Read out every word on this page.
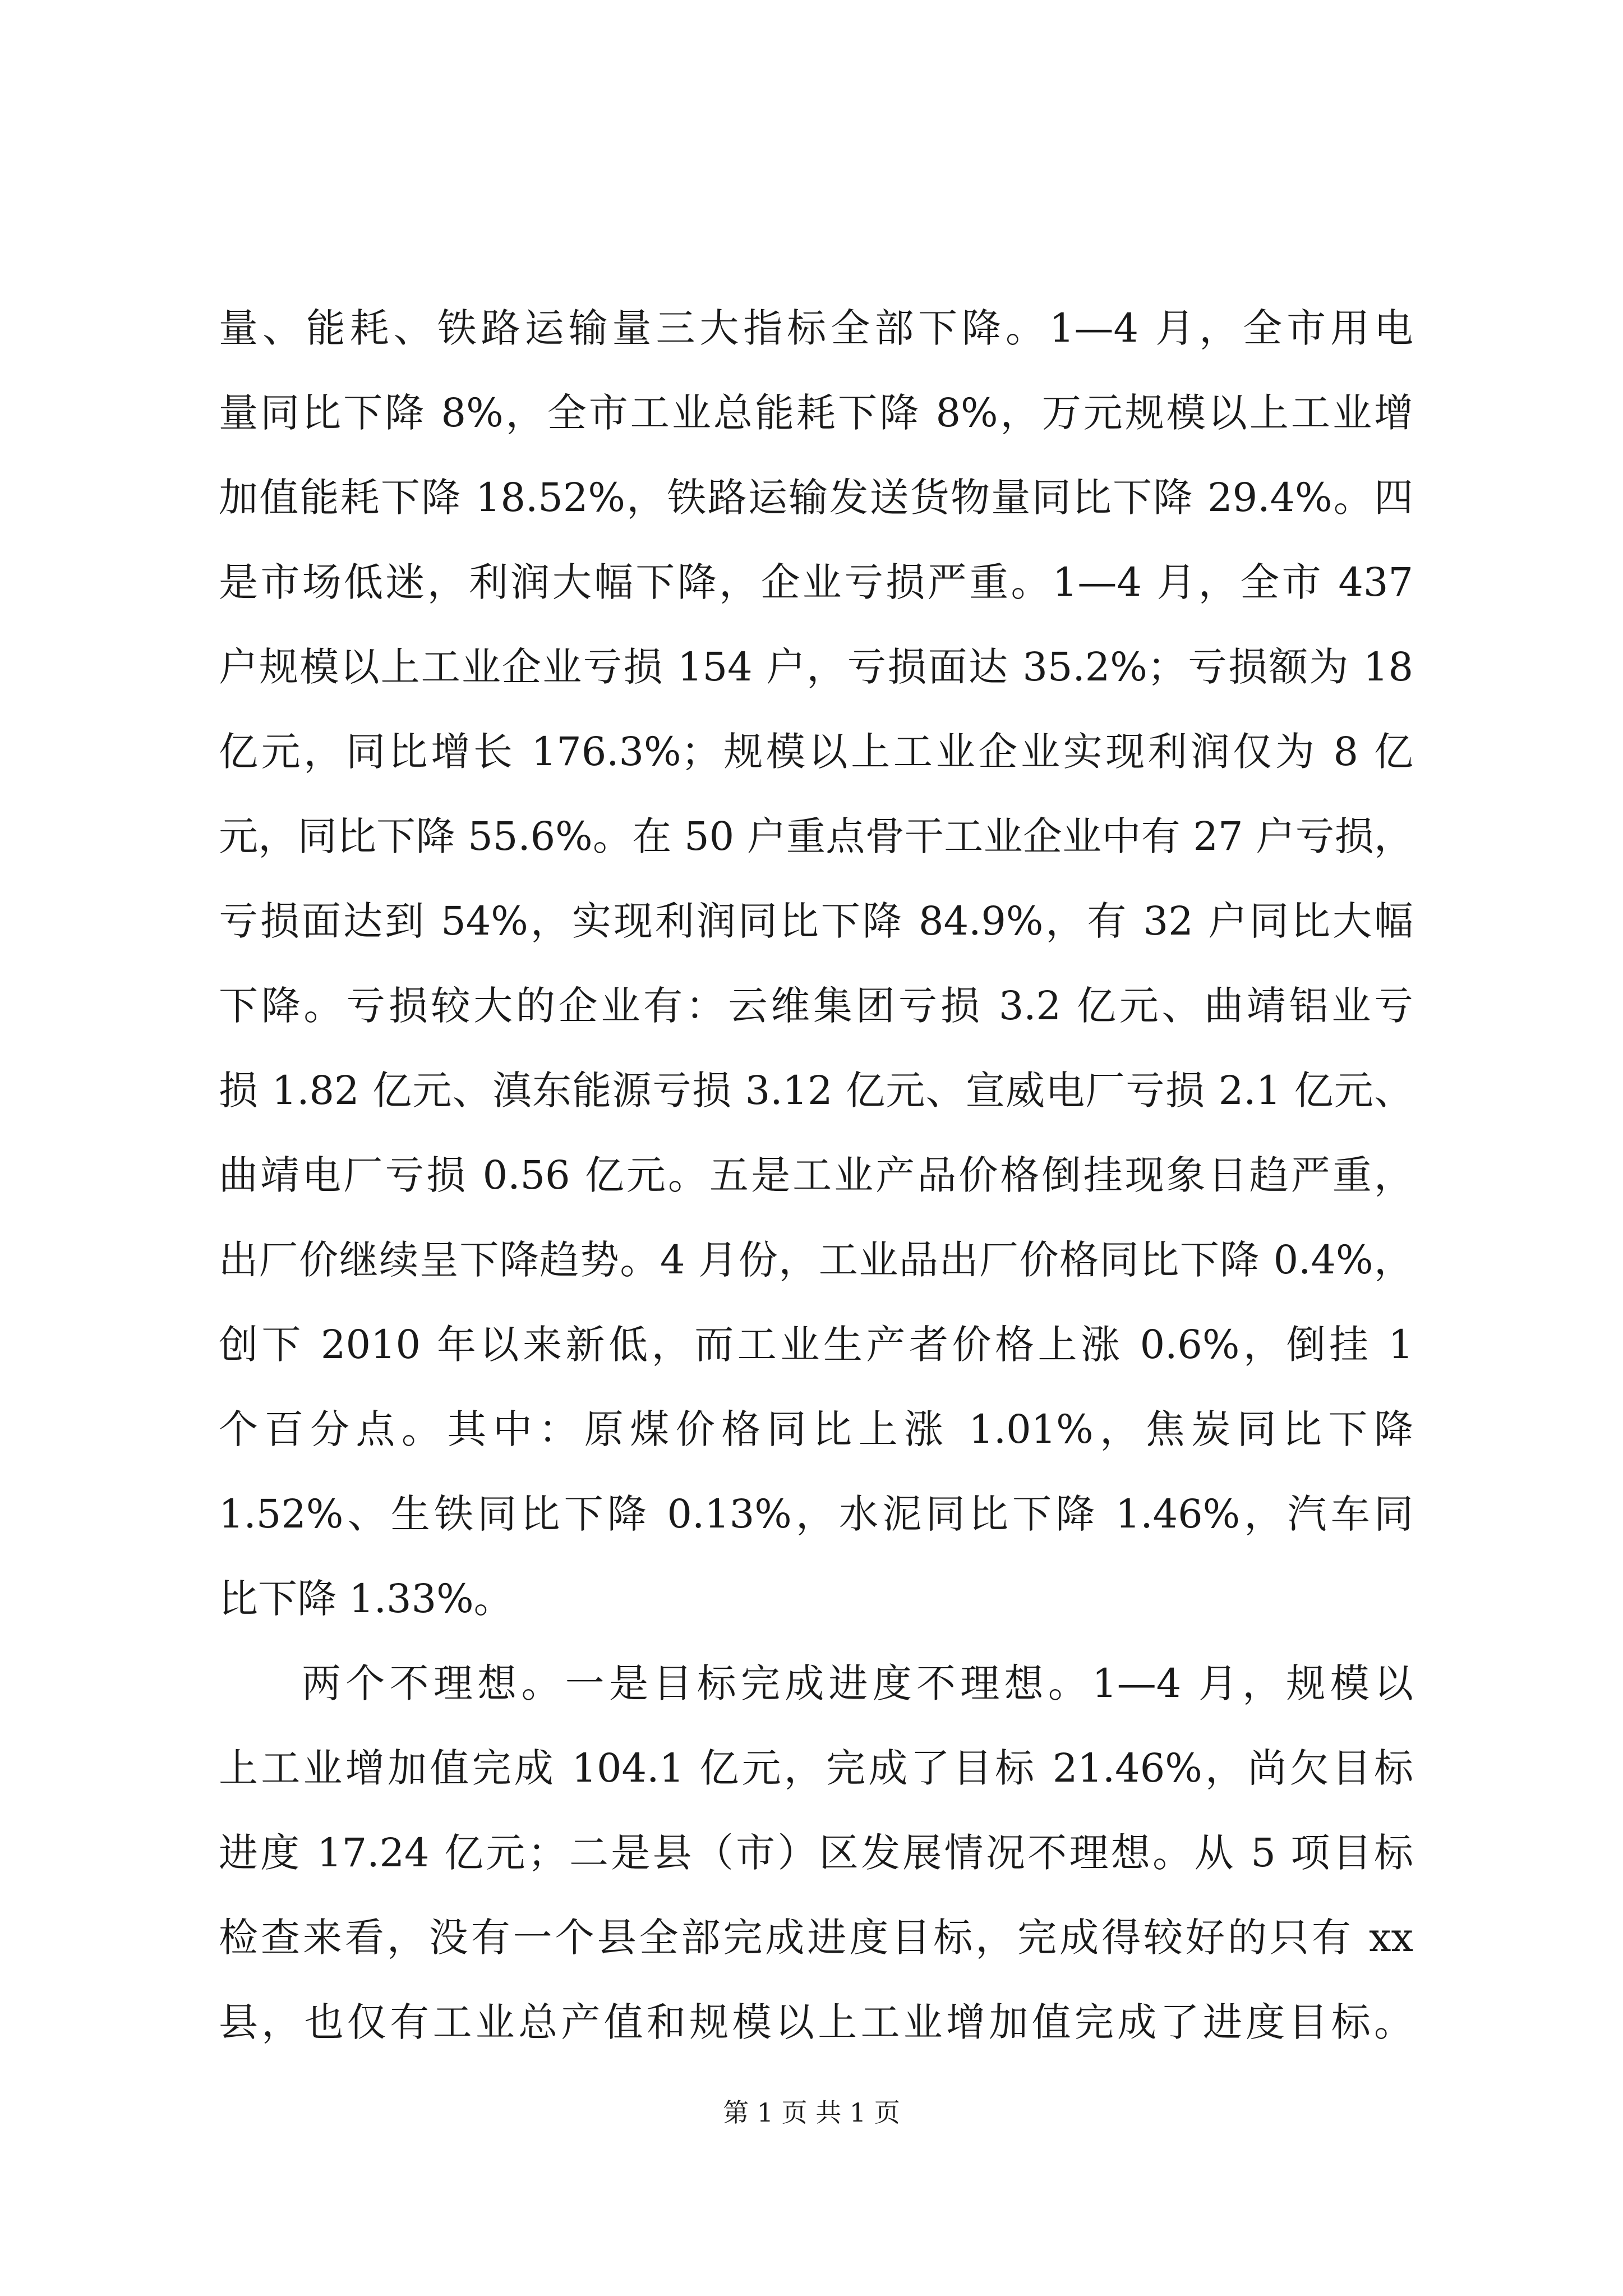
量、能耗、铁路运输量三大指标全部下降。1—4 月，全市用电
量同比下降 8%，全市工业总能耗下降 8%，万元规模以上工业增
加值能耗下降 18.52%，铁路运输发送货物量同比下降 29.4%。四
是市场低迷，利润大幅下降，企业亏损严重。1—4 月，全市 437
户规模以上工业企业亏损 154 户，亏损面达 35.2%；亏损额为 18
亿元，同比增长 176.3%；规模以上工业企业实现利润仅为 8 亿
元，同比下降 55.6%。在 50 户重点骨干工业企业中有 27 户亏损，
亏损面达到 54%，实现利润同比下降 84.9%，有 32 户同比大幅
下降。亏损较大的企业有：云维集团亏损 3.2 亿元、曲靖铝业亏
损 1.82 亿元、滇东能源亏损 3.12 亿元、宣威电厂亏损 2.1 亿元、
曲靖电厂亏损 0.56 亿元。五是工业产品价格倒挂现象日趋严重，
出厂价继续呈下降趋势。4 月份，工业品出厂价格同比下降 0.4%，
创下 2010 年以来新低，而工业生产者价格上涨 0.6%，倒挂 1
个百分点。其中：原煤价格同比上涨 1.01%，焦炭同比下降
1.52%、生铁同比下降 0.13%，水泥同比下降 1.46%，汽车同
比下降 1.33%。
两个不理想。一是目标完成进度不理想。1—4 月，规模以
上工业增加值完成 104.1 亿元，完成了目标 21.46%，尚欠目标
进度 17.24 亿元；二是县（市）区发展情况不理想。从 5 项目标
检查来看，没有一个县全部完成进度目标，完成得较好的只有 xx
县，也仅有工业总产值和规模以上工业增加值完成了进度目标。
第 1 页 共 1 页
